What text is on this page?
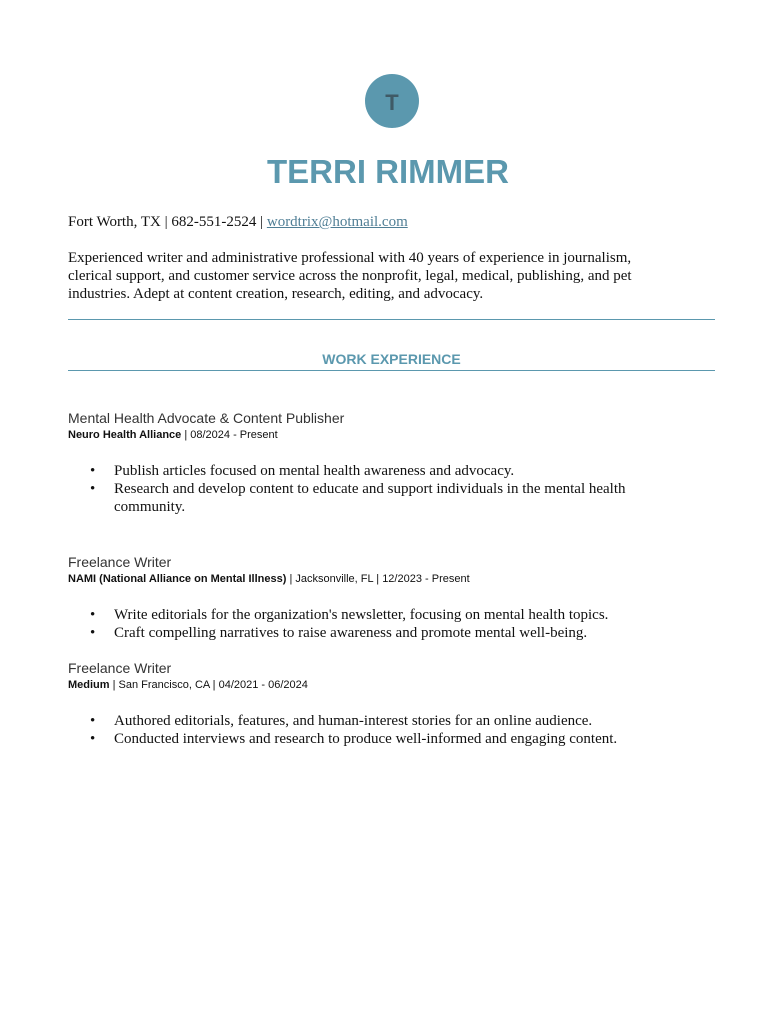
T
TERRI RIMMER
Fort Worth, TX | 682-551-2524 | wordtrix@hotmail.com

Experienced writer and administrative professional with 40 years of experience in journalism, clerical support, and customer service across the nonprofit, legal, medical, publishing, and pet industries. Adept at content creation, research, editing, and advocacy.

WORK EXPERIENCE

Mental Health Advocate & Content Publisher

Neuro Health Alliance | 08/2024 - Present

• Publish articles focused on mental health awareness and advocacy.
• Research and develop content to educate and support individuals in the mental health community.

Freelance Writer

NAMI (National Alliance on Mental Illness) | Jacksonville, FL | 12/2023 - Present

• Write editorials for the organization's newsletter, focusing on mental health topics.
• Craft compelling narratives to raise awareness and promote mental well-being.

Freelance Writer

Medium | San Francisco, CA | 04/2021 - 06/2024

• Authored editorials, features, and human-interest stories for an online audience.
• Conducted interviews and research to produce well-informed and engaging content.
